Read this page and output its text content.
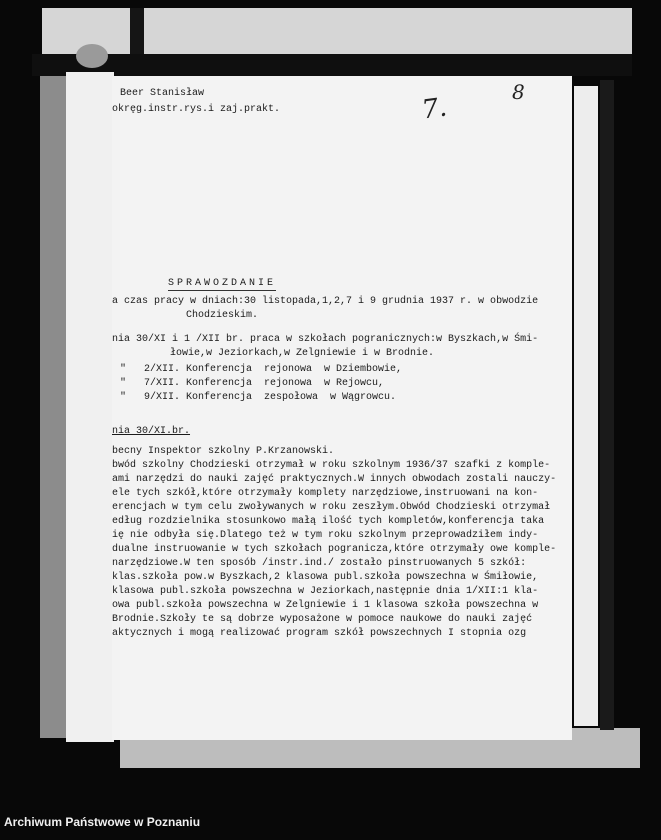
Beer Stanisław

okręg.instr.rys.i zaj.prakt.	7.
8
SPRAWOZDANIE

a czas pracy w dniach:30 listopada,1,2,7 i 9 grudnia 1937 r. w obwodzie

Chodzieskim.

nia 30/XI i 1 /XII br. praca w szkołach pogranicznych:w Byszkach,w Śmi-

łowie,w Jeziorkach,w Zelgniewie i w Brodnie.

"   2/XII. Konferencja  rejonowa  w Dziembowie,

"   7/XII. Konferencja  rejonowa  w Rejowcu,

"   9/XII. Konferencja  zespołowa  w Wągrowcu.

nia 30/XI.br.

becny Inspektor szkolny P.Krzanowski.

bwód szkolny Chodzieski otrzymał w roku szkolnym 1936/37 szafki z komple-

ami narzędzi do nauki zajęć praktycznych.W innych obwodach zostali nauczy-

ele tych szkół,które otrzymały komplety narzędziowe,instruowani na kon-

erencjach w tym celu zwoływanych w roku zeszłym.Obwód Chodzieski otrzymał

edług rozdzielnika stosunkowo małą ilość tych kompletów,konferencja taka

ię nie odbyła się.Dlatego też w tym roku szkolnym przeprowadziłem indy-

dualne instruowanie w tych szkołach pogranicza,które otrzymały owe komple-

narzędziowe.W ten sposób /instr.ind./ zostało pinstruowanych 5 szkół:

klas.szkoła pow.w Byszkach,2 klasowa publ.szkoła powszechna w Śmiłowie,

klasowa publ.szkoła powszechna w Jeziorkach,następnie dnia 1/XII:1 kla-

owa publ.szkoła powszechna w Zelgniewie i 1 klasowa szkoła powszechna w

Brodnie.Szkoły te są dobrze wyposażone w pomoce naukowe do nauki zajęć

aktycznych i mogą realizować program szkół powszechnych I stopnia ozg

Archiwum Państwowe w Poznaniu
